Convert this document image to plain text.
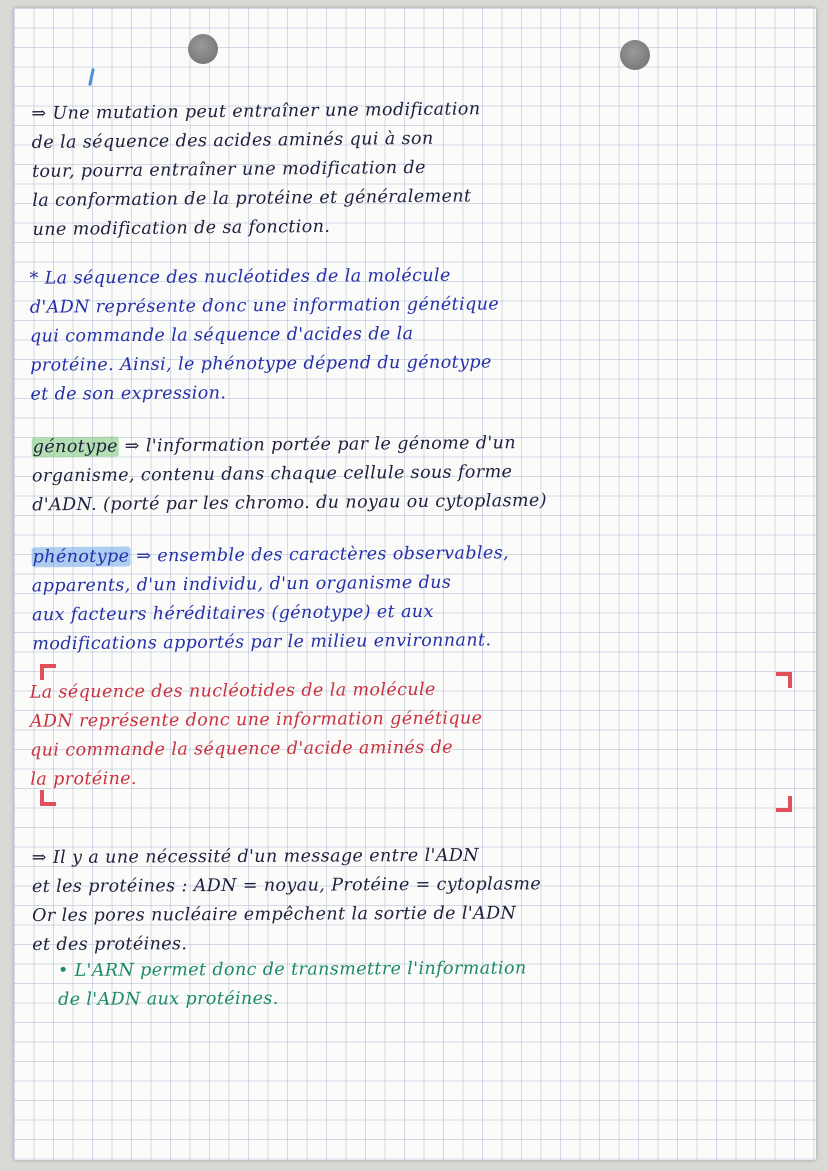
⇒ Une mutation peut entraîner une modification
de la séquence des acides aminés qui à son
tour, pourra entraîner une modification de
la conformation de la protéine et généralement
une modification de sa fonction.

* La séquence des nucléotides de la molécule
d'ADN représente donc une information génétique
qui commande la séquence d'acides de la
protéine. Ainsi, le phénotype dépend du génotype
et de son expression.

génotype ⇒ l'information portée par le génome d'un
organisme, contenu dans chaque cellule sous forme
d'ADN. (porté par les chromo. du noyau ou cytoplasme)

phénotype ⇒ ensemble des caractères observables,
apparents, d'un individu, d'un organisme dus
aux facteurs héréditaires (génotype) et aux
modifications apportés par le milieu environnant.

La séquence des nucléotides de la molécule
ADN représente donc une information génétique
qui commande la séquence d'acide aminés de
la protéine.

⇒ Il y a une nécessité d'un message entre l'ADN
et les protéines : ADN = noyau, Protéine = cytoplasme
Or les pores nucléaire empêchent la sortie de l'ADN
et des protéines.

• L'ARN permet donc de transmettre l'information
de l'ADN aux protéines.
